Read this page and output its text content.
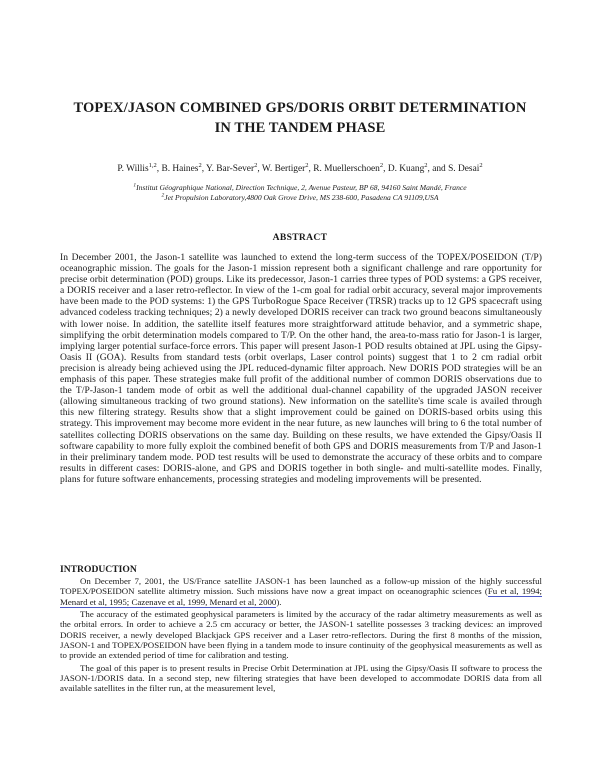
TOPEX/JASON COMBINED GPS/DORIS ORBIT DETERMINATION
IN THE TANDEM PHASE
P. Willis$^{1,2}$, B. Haines$^2$, Y. Bar-Sever$^2$, W. Bertiger$^2$, R. Muellerschoen$^2$, D. Kuang$^2$, and S. Desai$^2$
$^1$Institut Géographique National, Direction Technique, 2, Avenue Pasteur, BP 68, 94160 Saint Mandé, France
$^2$Jet Propulsion Laboratory,4800 Oak Grove Drive, MS 238-600, Pasadena CA 91109,USA
ABSTRACT
In December 2001, the Jason-1 satellite was launched to extend the long-term success of the TOPEX/POSEIDON (T/P) oceanographic mission. The goals for the Jason-1 mission represent both a significant challenge and rare opportunity for precise orbit determination (POD) groups. Like its predecessor, Jason-1 carries three types of POD systems: a GPS receiver, a DORIS receiver and a laser retro-reflector. In view of the 1-cm goal for radial orbit accuracy, several major improvements have been made to the POD systems: 1) the GPS TurboRogue Space Receiver (TRSR) tracks up to 12 GPS spacecraft using advanced codeless tracking techniques; 2) a newly developed DORIS receiver can track two ground beacons simultaneously with lower noise. In addition, the satellite itself features more straightforward attitude behavior, and a symmetric shape, simplifying the orbit determination models compared to T/P. On the other hand, the area-to-mass ratio for Jason-1 is larger, implying larger potential surface-force errors. This paper will present Jason-1 POD results obtained at JPL using the Gipsy-Oasis II (GOA). Results from standard tests (orbit overlaps, Laser control points) suggest that 1 to 2 cm radial orbit precision is already being achieved using the JPL reduced-dynamic filter approach. New DORIS POD strategies will be an emphasis of this paper. These strategies make full profit of the additional number of common DORIS observations due to the T/P-Jason-1 tandem mode of orbit as well the additional dual-channel capability of the upgraded JASON receiver (allowing simultaneous tracking of two ground stations). New information on the satellite's time scale is availed through this new filtering strategy. Results show that a slight improvement could be gained on DORIS-based orbits using this strategy. This improvement may become more evident in the near future, as new launches will bring to 6 the total number of satellites collecting DORIS observations on the same day. Building on these results, we have extended the Gipsy/Oasis II software capability to more fully exploit the combined benefit of both GPS and DORIS measurements from T/P and Jason-1 in their preliminary tandem mode. POD test results will be used to demonstrate the accuracy of these orbits and to compare results in different cases: DORIS-alone, and GPS and DORIS together in both single- and multi-satellite modes. Finally, plans for future software enhancements, processing strategies and modeling improvements will be presented.
INTRODUCTION

On December 7, 2001, the US/France satellite JASON-1 has been launched as a follow-up mission of the highly successful TOPEX/POSEIDON satellite altimetry mission. Such missions have now a great impact on oceanographic sciences (Fu et al, 1994; Menard et al, 1995; Cazenave et al, 1999, Menard et al, 2000).

The accuracy of the estimated geophysical parameters is limited by the accuracy of the radar altimetry measurements as well as the orbital errors. In order to achieve a 2.5 cm accuracy or better, the JASON-1 satellite possesses 3 tracking devices: an improved DORIS receiver, a newly developed Blackjack GPS receiver and a Laser retro-reflectors. During the first 8 months of the mission, JASON-1 and TOPEX/POSEIDON have been flying in a tandem mode to insure continuity of the geophysical measurements as well as to provide an extended period of time for calibration and testing.

The goal of this paper is to present results in Precise Orbit Determination at JPL using the Gipsy/Oasis II software to process the JASON-1/DORIS data. In a second step, new filtering strategies that have been developed to accommodate DORIS data from all available satellites in the filter run, at the measurement level,
